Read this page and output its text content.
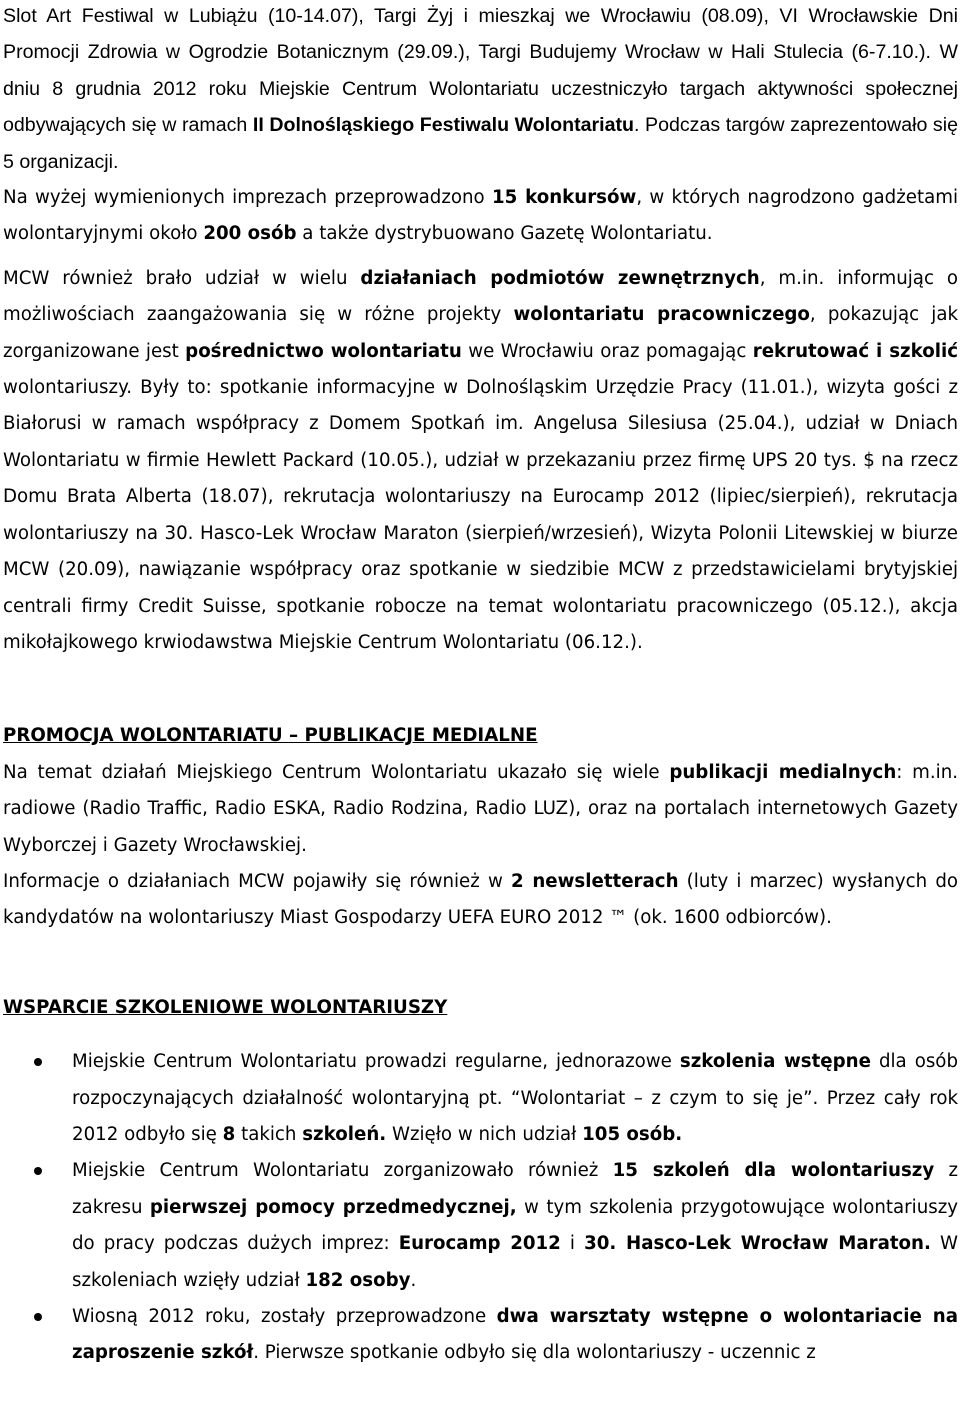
Slot Art Festiwal w Lubiążu (10-14.07), Targi Żyj i mieszkaj we Wrocławiu (08.09), VI Wrocławskie Dni Promocji Zdrowia w Ogrodzie Botanicznym (29.09.), Targi Budujemy Wrocław w Hali Stulecia (6-7.10.). W dniu 8 grudnia 2012 roku Miejskie Centrum Wolontariatu uczestniczyło targach aktywności społecznej odbywających się w ramach II Dolnośląskiego Festiwalu Wolontariatu. Podczas targów zaprezentowało się 5 organizacji.

Na wyżej wymienionych imprezach przeprowadzono 15 konkursów, w których nagrodzono gadżetami wolontaryjnymi około 200 osób a także dystrybuowano Gazetę Wolontariatu.

MCW również brało udział w wielu działaniach podmiotów zewnętrznych, m.in. informując o możliwościach zaangażowania się w różne projekty wolontariatu pracowniczego, pokazując jak zorganizowane jest pośrednictwo wolontariatu we Wrocławiu oraz pomagając rekrutować i szkolić wolontariuszy. Były to: spotkanie informacyjne w Dolnośląskim Urzędzie Pracy (11.01.), wizyta gości z Białorusi w ramach współpracy z Domem Spotkań im. Angelusa Silesiusa (25.04.), udział w Dniach Wolontariatu w firmie Hewlett Packard (10.05.), udział w przekazaniu przez firmę UPS 20 tys. $ na rzecz Domu Brata Alberta (18.07), rekrutacja wolontariuszy na Eurocamp 2012 (lipiec/sierpień), rekrutacja wolontariuszy na 30. Hasco-Lek Wrocław Maraton (sierpień/wrzesień), Wizyta Polonii Litewskiej w biurze MCW (20.09), nawiązanie współpracy oraz spotkanie w siedzibie MCW z przedstawicielami brytyjskiej centrali firmy Credit Suisse, spotkanie robocze na temat wolontariatu pracowniczego (05.12.), akcja mikołajkowego krwiodawstwa Miejskie Centrum Wolontariatu (06.12.).

PROMOCJA WOLONTARIATU – PUBLIKACJE MEDIALNE

Na temat działań Miejskiego Centrum Wolontariatu ukazało się wiele publikacji medialnych: m.in. radiowe (Radio Traffic, Radio ESKA, Radio Rodzina, Radio LUZ), oraz na portalach internetowych Gazety Wyborczej i Gazety Wrocławskiej.

Informacje o działaniach MCW pojawiły się również w 2 newsletterach (luty i marzec) wysłanych do kandydatów na wolontariuszy Miast Gospodarzy UEFA EURO 2012 ™ (ok. 1600 odbiorców).

WSPARCIE SZKOLENIOWE WOLONTARIUSZY

Miejskie Centrum Wolontariatu prowadzi regularne, jednorazowe szkolenia wstępne dla osób rozpoczynających działalność wolontaryjną pt. “Wolontariat – z czym to się je”. Przez cały rok 2012 odbyło się 8 takich szkoleń. Wzięło w nich udział 105 osób.

Miejskie Centrum Wolontariatu zorganizowało również 15 szkoleń dla wolontariuszy z zakresu pierwszej pomocy przedmedycznej, w tym szkolenia przygotowujące wolontariuszy do pracy podczas dużych imprez: Eurocamp 2012 i 30. Hasco-Lek Wrocław Maraton. W szkoleniach wzięły udział 182 osoby.

Wiosną 2012 roku, zostały przeprowadzone dwa warsztaty wstępne o wolontariacie na zaproszenie szkół. Pierwsze spotkanie odbyło się dla wolontariuszy - uczennic z
